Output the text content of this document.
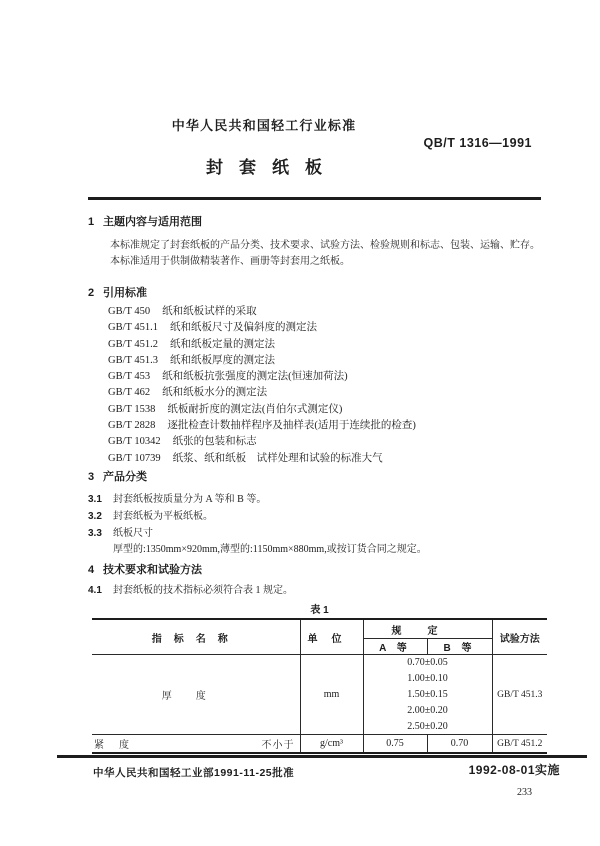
中华人民共和国轻工行业标准
QB/T 1316—1991
封套纸板
1 主题内容与适用范围
本标准规定了封套纸板的产品分类、技术要求、试验方法、检验规则和标志、包装、运输、贮存。
本标准适用于供制做精装著作、画册等封套用之纸板。
2 引用标准
GB/T 450 纸和纸板试样的采取
GB/T 451.1 纸和纸板尺寸及偏斜度的测定法
GB/T 451.2 纸和纸板定量的测定法
GB/T 451.3 纸和纸板厚度的测定法
GB/T 453 纸和纸板抗张强度的测定法(恒速加荷法)
GB/T 462 纸和纸板水分的测定法
GB/T 1538 纸板耐折度的测定法(肖伯尔式测定仪)
GB/T 2828 逐批检查计数抽样程序及抽样表(适用于连续批的检查)
GB/T 10342 纸张的包装和标志
GB/T 10739 纸浆、纸和纸板　试样处理和试验的标准大气
3 产品分类
3.1	封套纸板按质量分为 A 等和 B 等。
3.2	封套纸板为平板纸板。
3.3	纸板尺寸
厚型的:1350mm×920mm,薄型的:1150mm×880mm,或按订货合同之规定。
4 技术要求和试验方法
4.1	封套纸板的技术指标必须符合表 1 规定。
表 1
指标名称	单位	规定		试验方法
		A 等	B 等	
厚度	mm	0.70±0.05
1.00±0.10
1.50±0.15
2.00±0.20
2.50±0.20		GB/T 451.3

紧度 不小于	g/cm³	0.75	0.70	GB/T 451.2
中华人民共和国轻工业部1991-11-25批准	1992-08-01实施
233
